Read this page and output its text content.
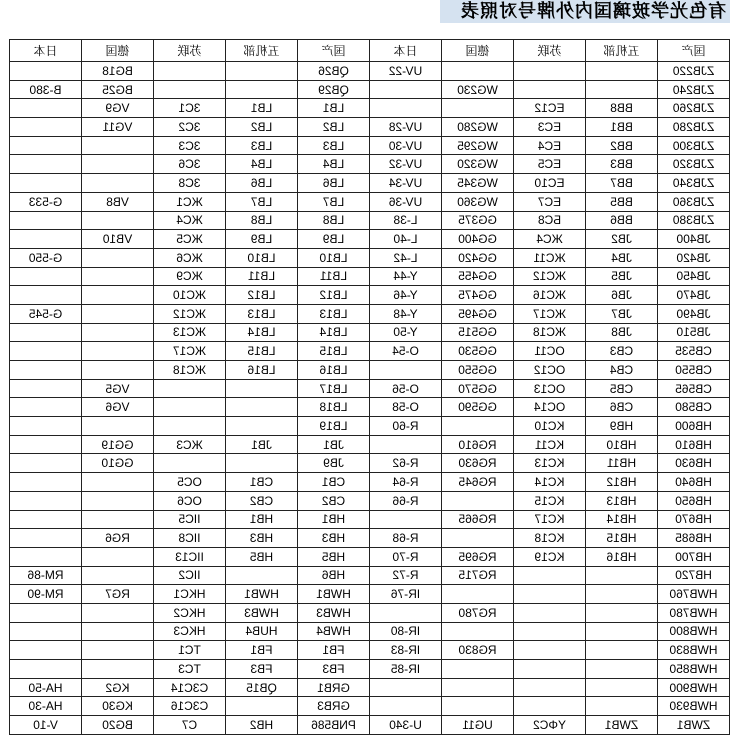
有色光学玻璃国内外牌号对照表
国产
五机部
苏联
德国
日本
国产
五机部
苏联
德国
日本
ZJB220
UV-22
QB26
BG18
ZJB240
WG230
QB29
BG25
B-380
ZJB260
BB8
EC12
LB1
LB1
3C1
VG9
ZJB280
BB1
EC3
WG280
UV-28
LB2
LB2
3C2
VG11
ZJB300
BB2
EC4
WG295
UV-30
LB3
LB3
3C3
ZJB320
BB3
EC5
WG320
UV-32
LB4
LB4
3C6
ZJB340
BB7
EC10
WG345
UV-34
LB6
LB6
3C8
ZJB360
BB5
EC7
WG360
UV-36
LB7
LB7
ЖC1
VB8
G-533
ZJB380
BB6
БC8
GG375
L-38
LB8
LB8
ЖC4
JB400
JB2
ЖC4
GG400
L-40
LB9
LB9
ЖC5
VB10
JB420
JB4
ЖC11
GG420
L-42
LB10
LB10
ЖC6
G-550
JB450
JB5
ЖC12
GG455
Y-44
LB11
LB11
ЖC9
JB470
JB6
ЖC16
GG475
Y-46
LB12
LB12
ЖC10
JB490
JB7
ЖC17
GG495
Y-48
LB13
LB13
ЖC12
G-545
JB510
JB8
ЖC18
GG515
Y-50
LB14
LB14
ЖC13
CB535
CB3
OC11
GG530
O-54
LB15
LB15
ЖC17
CB550
CB4
OC12
GG550
LB16
LB16
ЖC18
CB565
CB5
OC13
GG570
O-56
LB17
VG5
CB580
CB6
OC14
GG590
O-58
LB18
VG6
HB600
HB9
KC10
R-60
LB19
HB610
HB10
KC11
RG610
JB1
JB1
ЖC3
GG19
HB630
HB11
KC13
RG630
R-62
JB9
GG10
HB640
HB12
KC14
RG645
R-64
CB1
CB1
OC5
HB650
HB13
KC15
R-66
CB2
CB2
OC6
HB670
HB14
KC17
RG665
HB1
HB1
IIC5
HB685
HB15
KC18
R-68
HB3
HB3
IIC8
RG6
HB700
HB16
KC19
RG695
R-70
HB5
HB5
IIC13
HB720
RG715
R-72
HB6
IIC2
RM-86
HWB760
IR-76
HWB1
HWB1
HKC1
RG7
RM-90
HWB780
RG780
HWB3
HWB3
HKC2
HWB800
IR-80
HWB4
HUB4
HKC3
HWB830
RG830
IR-83
FB1
FB1
TC1
HWB850
IR-85
FB3
FB3
TC3
HWB900
GRB1
QB15
C3C14
KG2
HA-50
HWB930
GRB3
C3C16
KG30
HA-30
ZWB1
ZWB1
YΦC2
UG11
U-340
PNB586
HB2
C7
BG20
V-10
